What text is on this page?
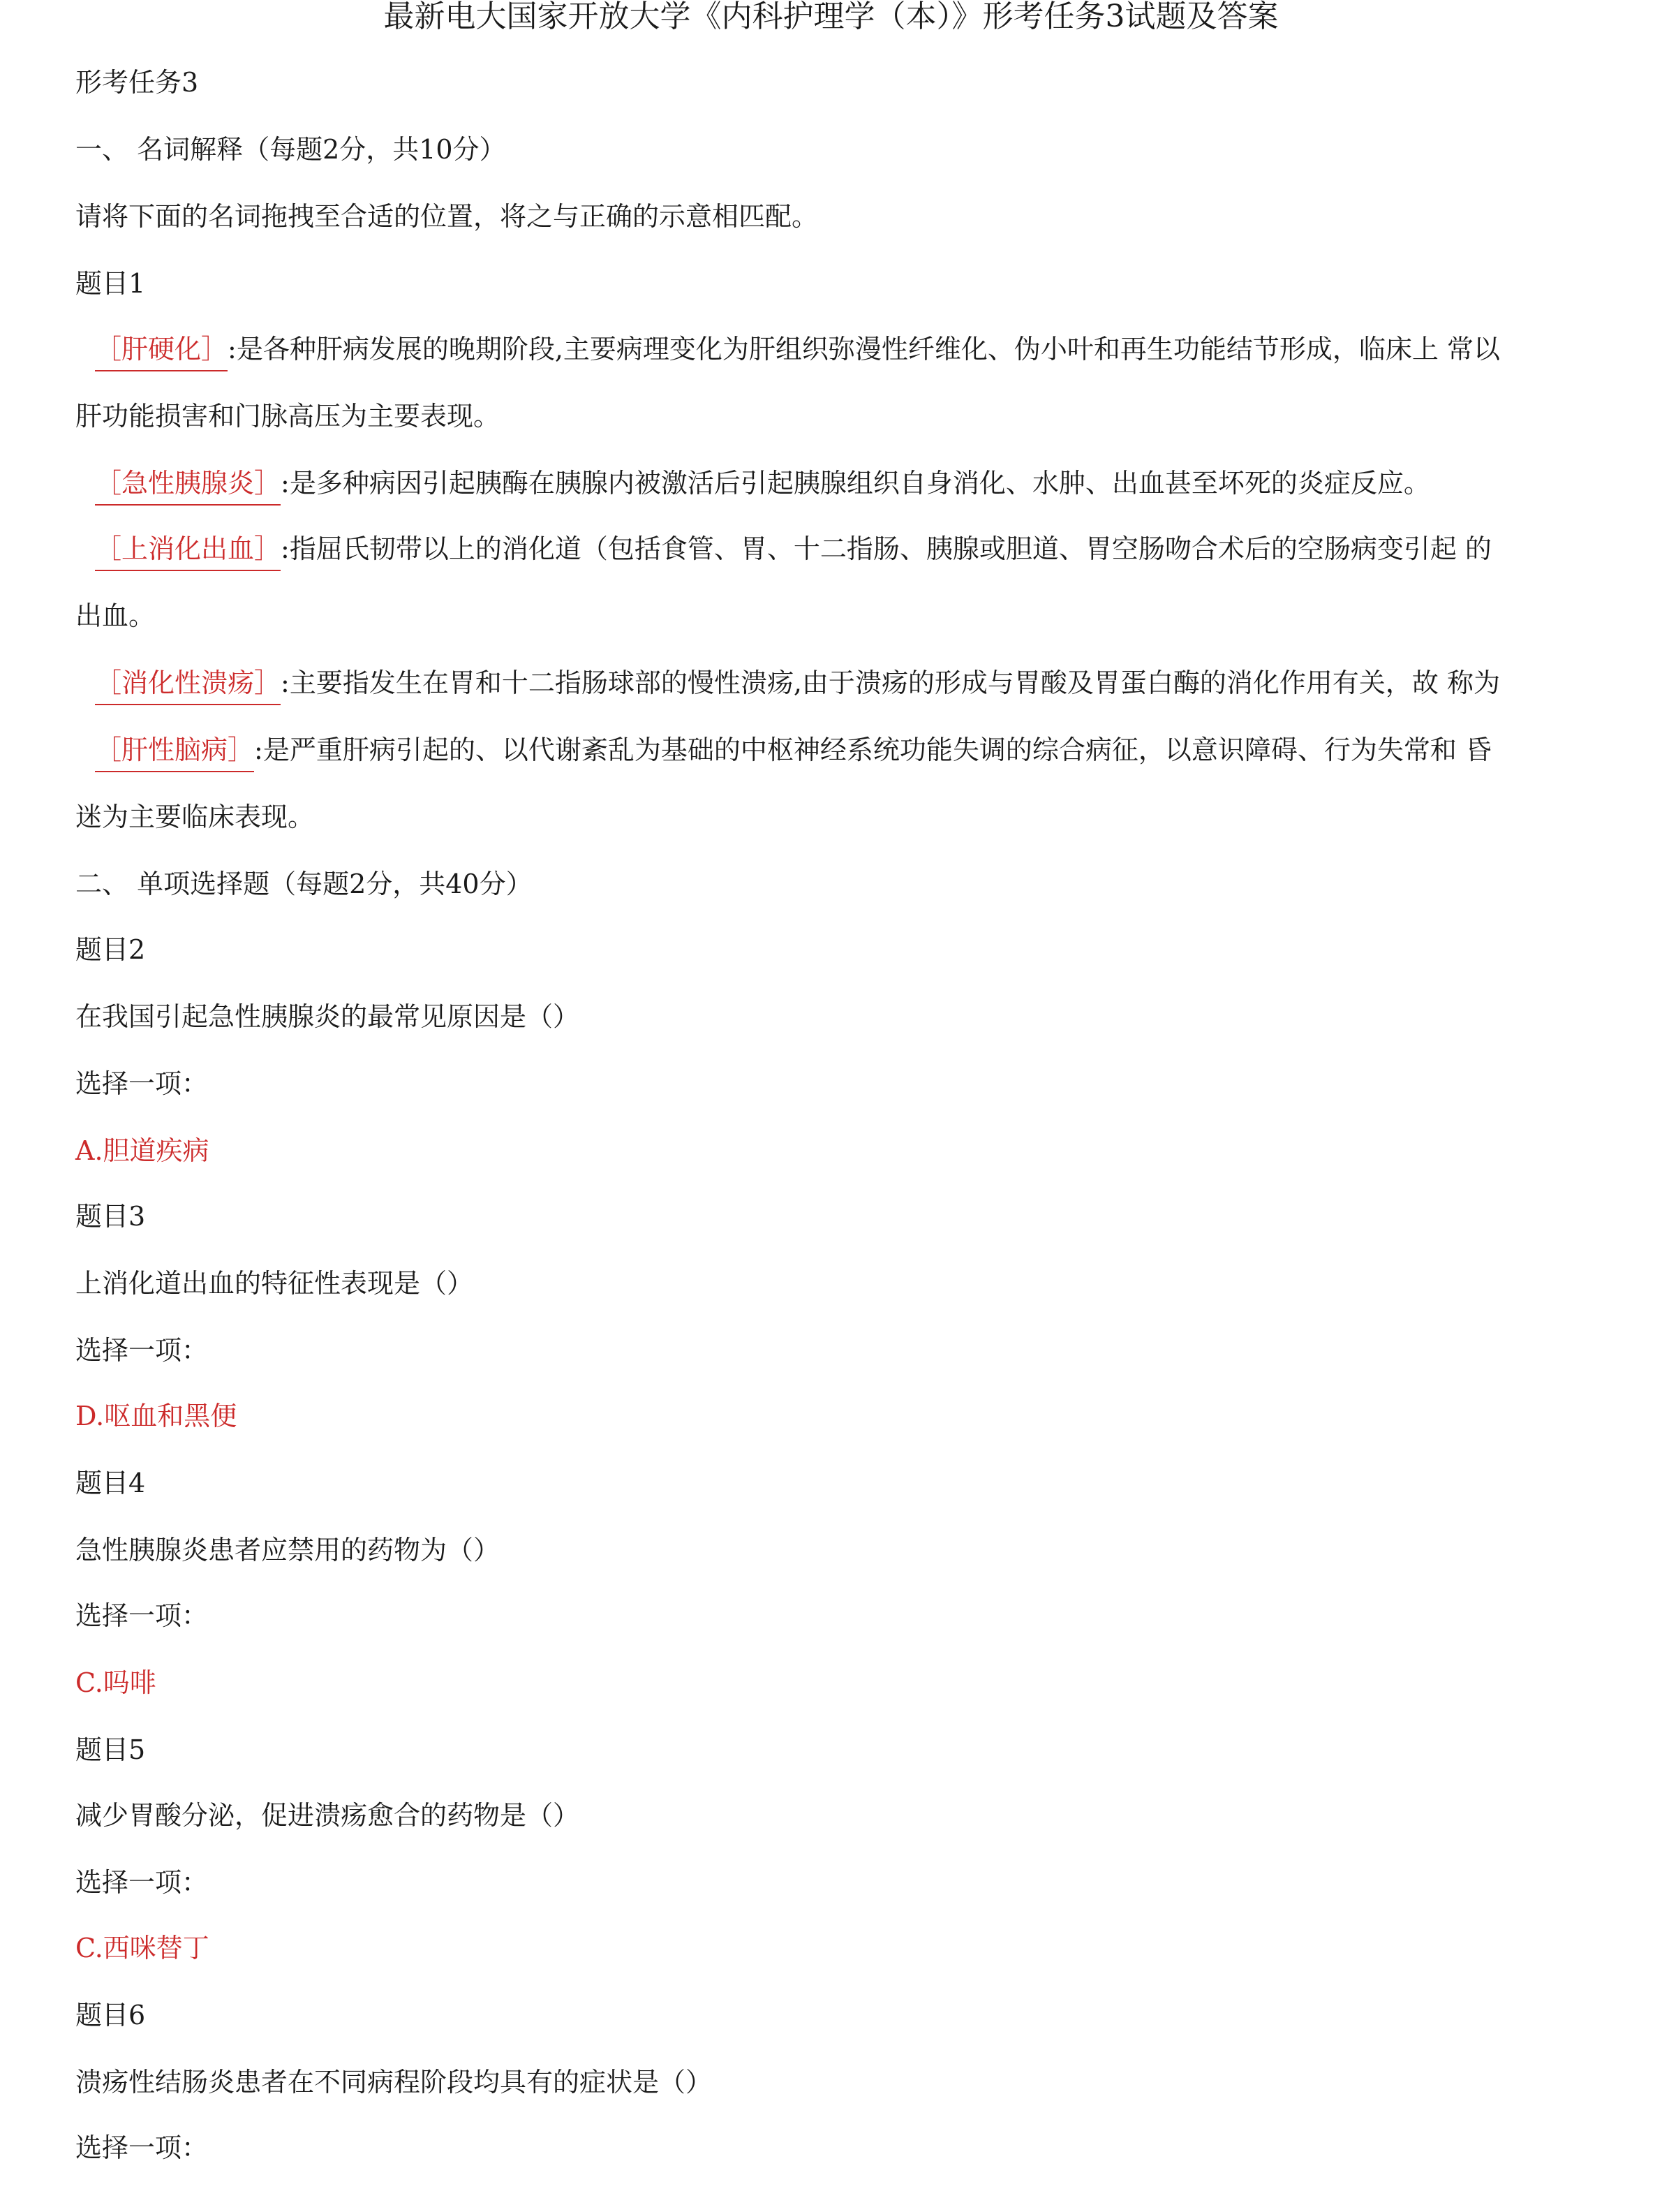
最新电大国家开放大学《内科护理学（本）》形考任务3试题及答案

形考任务3

一、 名词解释（每题2分，共10分）

请将下面的名词拖拽至合适的位置，将之与正确的示意相匹配。

题目1

［肝硬化］:是各种肝病发展的晚期阶段,主要病理变化为肝组织弥漫性纤维化、伪小叶和再生功能结节形成，临床上 常以

肝功能损害和门脉高压为主要表现。

［急性胰腺炎］:是多种病因引起胰酶在胰腺内被激活后引起胰腺组织自身消化、水肿、出血甚至坏死的炎症反应。

［上消化出血］:指屈氏韧带以上的消化道（包括食管、胃、十二指肠、胰腺或胆道、胃空肠吻合术后的空肠病变引起 的

出血。

［消化性溃疡］:主要指发生在胃和十二指肠球部的慢性溃疡,由于溃疡的形成与胃酸及胃蛋白酶的消化作用有关，故 称为

［肝性脑病］:是严重肝病引起的、以代谢紊乱为基础的中枢神经系统功能失调的综合病征，以意识障碍、行为失常和 昏

迷为主要临床表现。

二、 单项选择题（每题2分，共40分）

题目2

在我国引起急性胰腺炎的最常见原因是（）

选择一项：

A.胆道疾病

题目3

上消化道出血的特征性表现是（）

选择一项：

D.呕血和黑便

题目4

急性胰腺炎患者应禁用的药物为（）

选择一项：

C.吗啡

题目5

减少胃酸分泌，促进溃疡愈合的药物是（）

选择一项：

C.西咪替丁

题目6

溃疡性结肠炎患者在不同病程阶段均具有的症状是（）

选择一项：
